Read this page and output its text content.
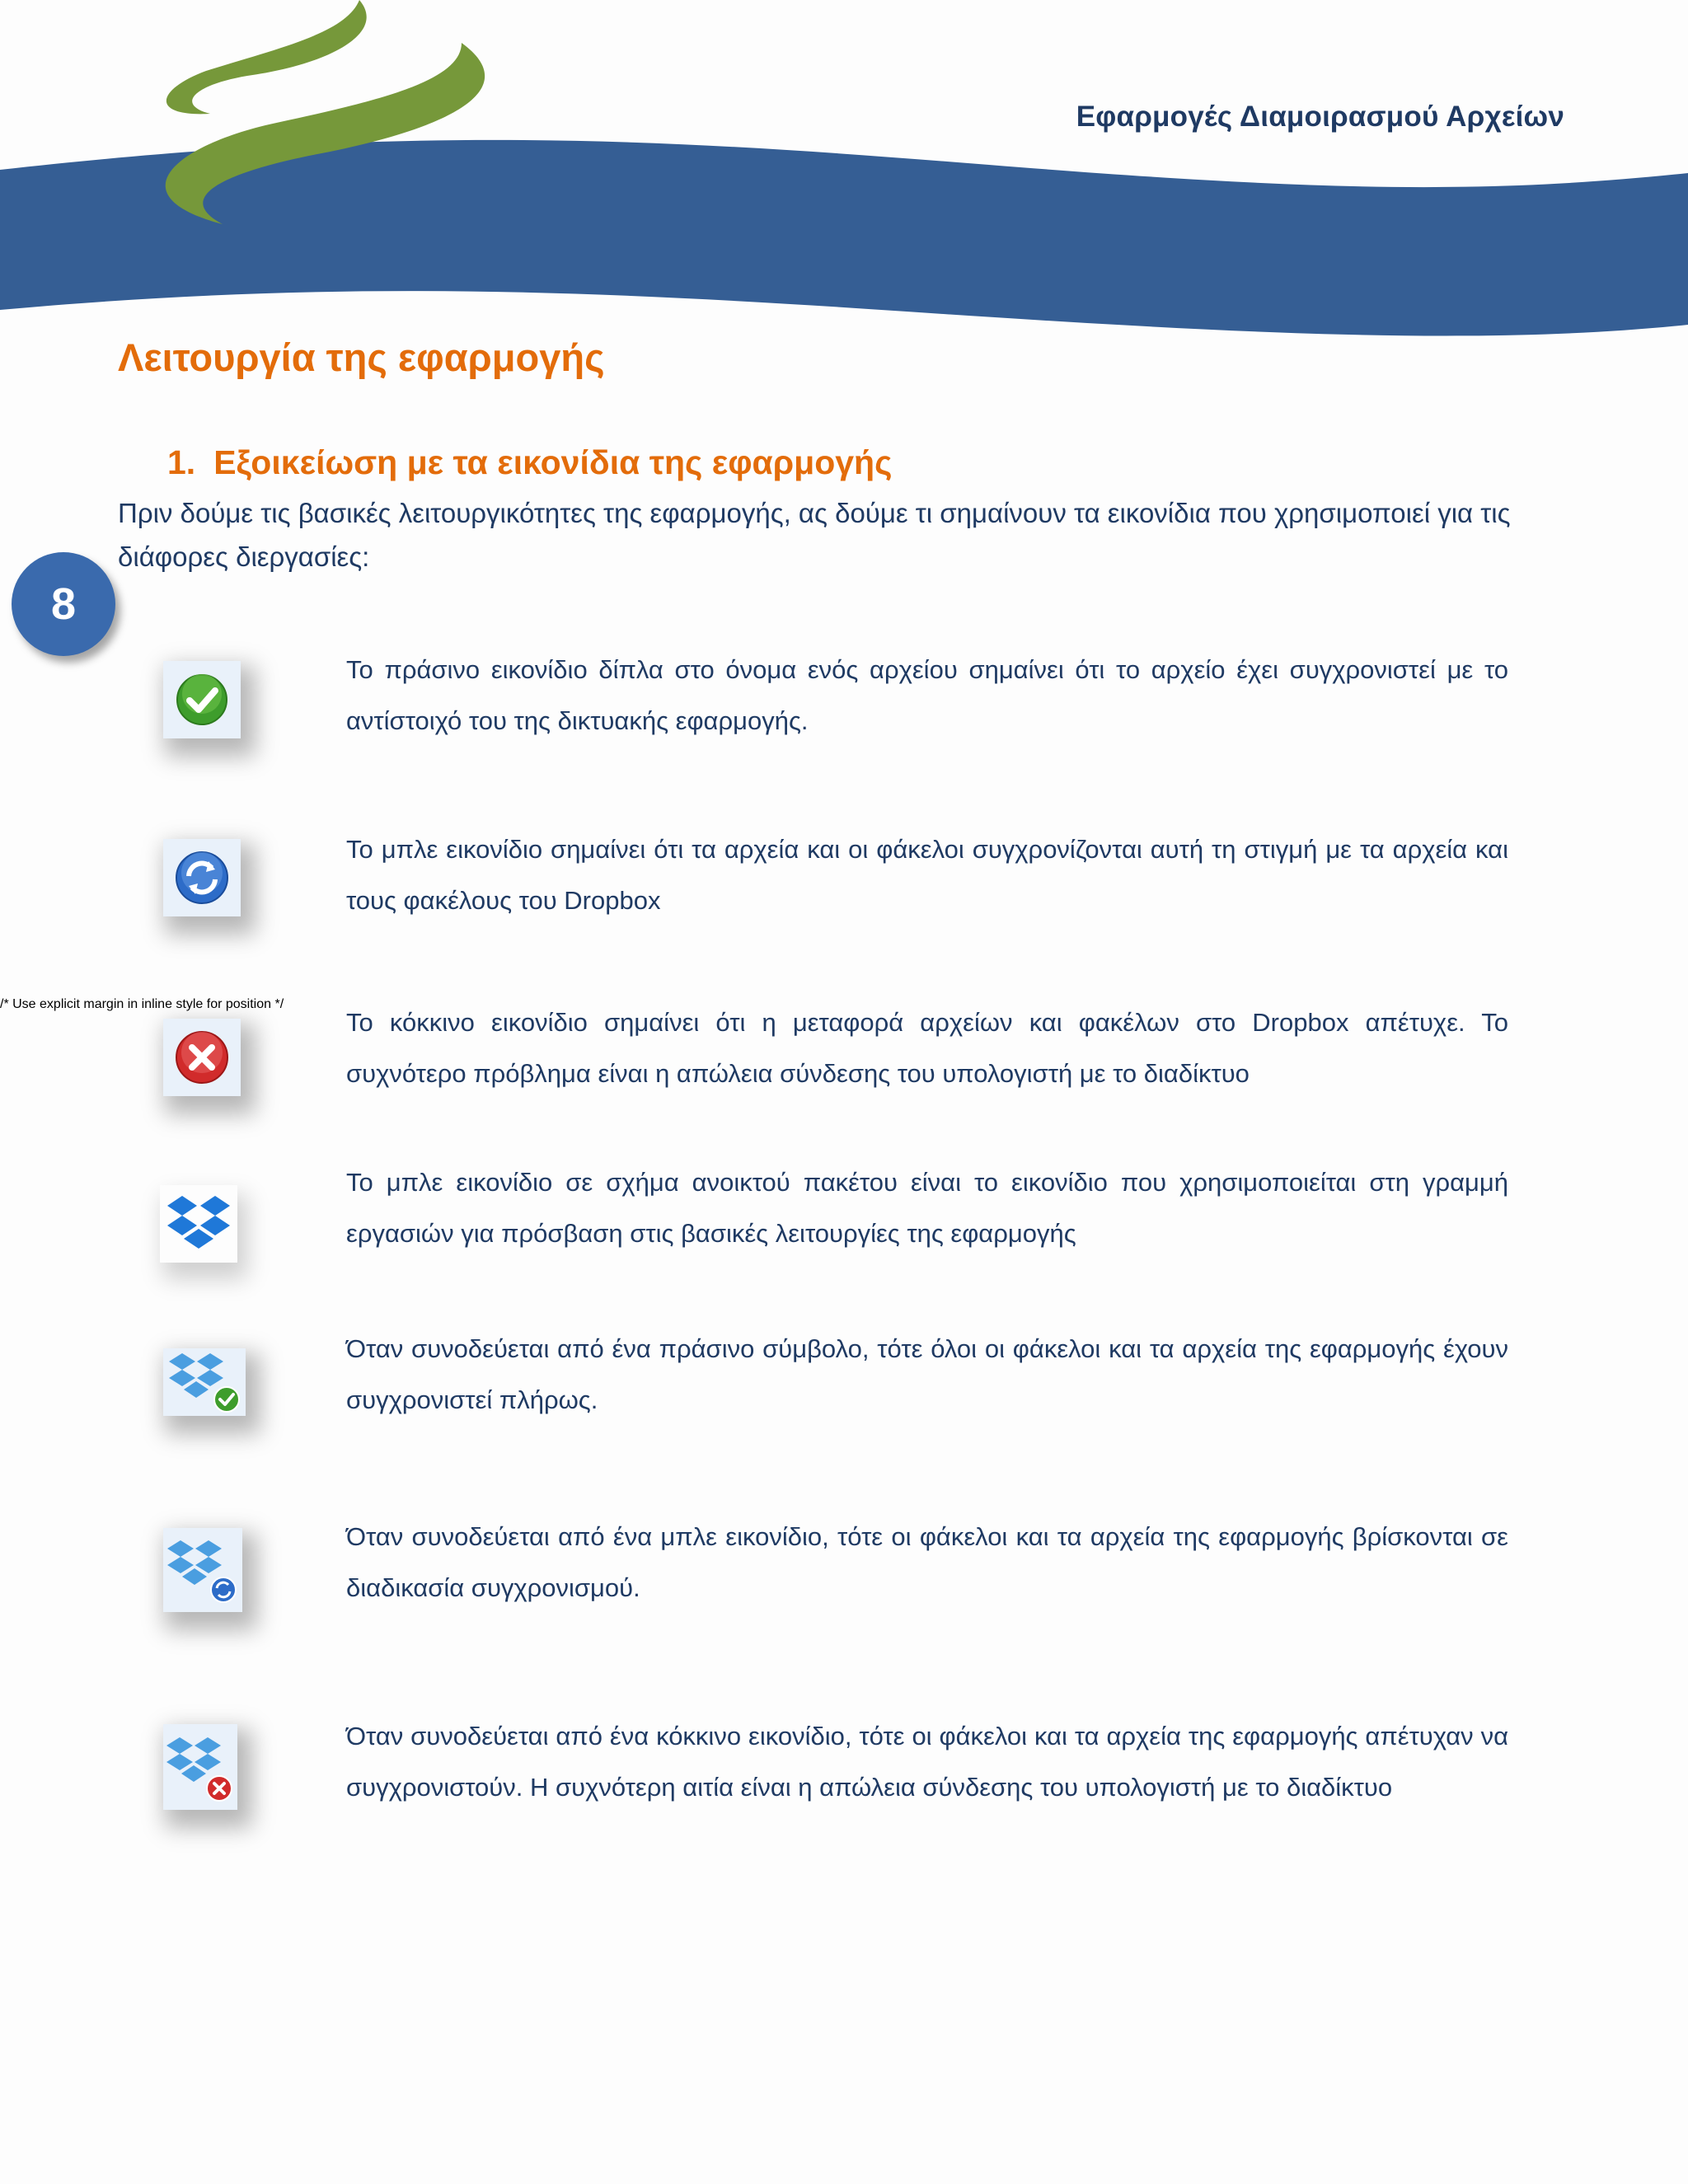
Εφαρμογές Διαμοιρασμού Αρχείων
8
Λειτουργία της εφαρμογής
1. Εξοικείωση με τα εικονίδια της εφαρμογής
Πριν δούμε τις βασικές λειτουργικότητες της εφαρμογής, ας δούμε τι σημαίνουν τα εικονίδια που χρησιμοποιεί για τις διάφορες διεργασίες:
Το πράσινο εικονίδιο δίπλα στο όνομα ενός αρχείου σημαίνει ότι το αρχείο έχει συγχρονιστεί με το αντίστοιχό του της δικτυακής εφαρμογής.
Το μπλε εικονίδιο σημαίνει ότι τα αρχεία και οι φάκελοι συγχρονίζονται αυτή τη στιγμή με τα αρχεία και τους φακέλους του Dropbox
/* Use explicit margin in inline style for position */
Το κόκκινο εικονίδιο σημαίνει ότι η μεταφορά αρχείων και φακέλων στο Dropbox απέτυχε. Το συχνότερο πρόβλημα είναι η απώλεια σύνδεσης του υπολογιστή με το διαδίκτυο
Το μπλε εικονίδιο σε σχήμα ανοικτού πακέτου είναι το εικονίδιο που χρησιμοποιείται στη γραμμή εργασιών για πρόσβαση στις βασικές λειτουργίες της εφαρμογής
Όταν συνοδεύεται από ένα πράσινο σύμβολο, τότε όλοι οι φάκελοι και τα αρχεία της εφαρμογής έχουν συγχρονιστεί πλήρως.
Όταν συνοδεύεται από ένα μπλε εικονίδιο, τότε οι φάκελοι και τα αρχεία της εφαρμογής βρίσκονται σε διαδικασία συγχρονισμού.
Όταν συνοδεύεται από ένα κόκκινο εικονίδιο, τότε οι φάκελοι και τα αρχεία της εφαρμογής απέτυχαν να συγχρονιστούν. Η συχνότερη αιτία είναι η απώλεια σύνδεσης του υπολογιστή με το διαδίκτυο
